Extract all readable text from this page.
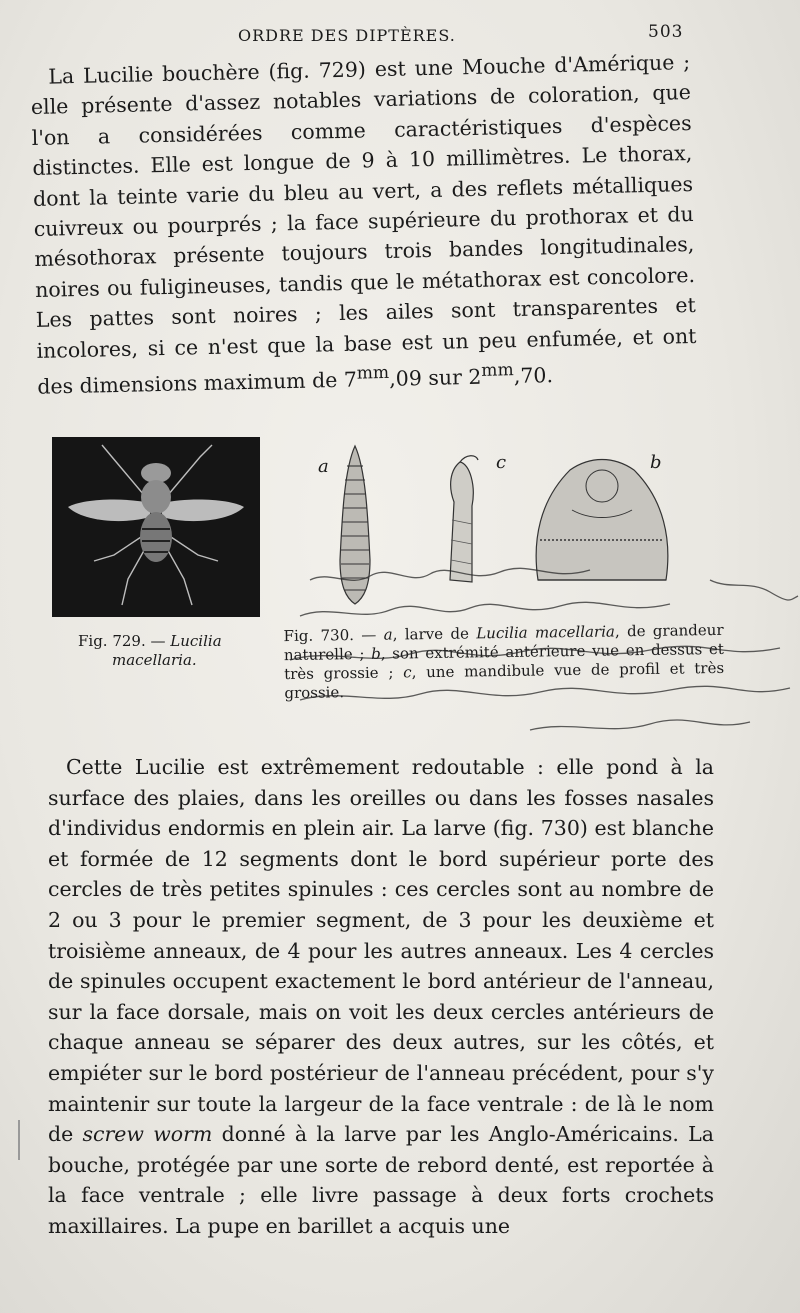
ORDRE DES DIPTÈRES.	503

La Lucilie bouchère (fig. 729) est une Mouche d'Amérique ; elle présente d'assez notables variations de coloration, que l'on a considérées comme caractéristiques d'espèces distinctes. Elle est longue de 9 à 10 millimètres. Le thorax, dont la teinte varie du bleu au vert, a des reflets métalliques cuivreux ou pourprés ; la face supérieure du prothorax et du mésothorax présente toujours trois bandes longitudinales, noires ou fuligineuses, tandis que le métathorax est concolore. Les pattes sont noires ; les ailes sont transparentes et incolores, si ce n'est que la base est un peu enfumée, et ont des dimensions maximum de $7^{mm},09$ sur $2^{mm},70$.

a	c	b
Fig. 729. — Lucilia
macellaria.
Fig. 730. — a, larve de Lucilia macellaria, de grandeur naturelle ; b, son extrémité antérieure vue en dessus et très grossie ; c, une mandibule vue de profil et très grossie.

Cette Lucilie est extrêmement redoutable : elle pond à la surface des plaies, dans les oreilles ou dans les fosses nasales d'individus endormis en plein air. La larve (fig. 730) est blanche et formée de 12 segments dont le bord supérieur porte des cercles de très petites spinules : ces cercles sont au nombre de 2 ou 3 pour le premier segment, de 3 pour les deuxième et troisième anneaux, de 4 pour les autres anneaux. Les 4 cercles de spinules occupent exactement le bord antérieur de l'anneau, sur la face dorsale, mais on voit les deux cercles antérieurs de chaque anneau se séparer des deux autres, sur les côtés, et empiéter sur le bord postérieur de l'anneau précédent, pour s'y maintenir sur toute la largeur de la face ventrale : de là le nom de screw worm donné à la larve par les Anglo-Américains. La bouche, protégée par une sorte de rebord denté, est reportée à la face ventrale ; elle livre passage à deux forts crochets maxillaires. La pupe en barillet a acquis une
